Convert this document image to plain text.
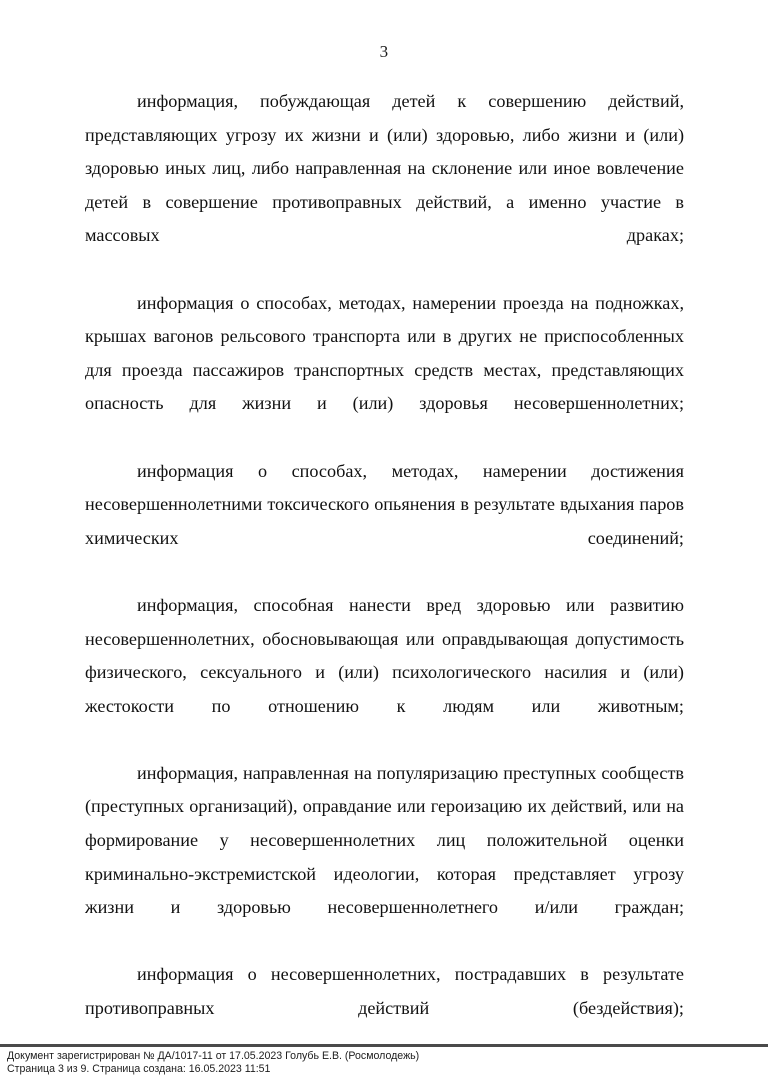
3

информация, побуждающая детей к совершению действий, представляющих угрозу их жизни и (или) здоровью, либо жизни и (или) здоровью иных лиц, либо направленная на склонение или иное вовлечение детей в совершение противоправных действий, а именно участие в массовых драках;

информация о способах, методах, намерении проезда на подножках, крышах вагонов рельсового транспорта или в других не приспособленных для проезда пассажиров транспортных средств местах, представляющих опасность для жизни и (или) здоровья несовершеннолетних;

информация о способах, методах, намерении достижения несовершеннолетними токсического опьянения в результате вдыхания паров химических соединений;

информация, способная нанести вред здоровью или развитию несовершеннолетних, обосновывающая или оправдывающая допустимость физического, сексуального и (или) психологического насилия и (или) жестокости по отношению к людям или животным;

информация, направленная на популяризацию преступных сообществ (преступных организаций), оправдание или героизацию их действий, или на формирование у несовершеннолетних лиц положительной оценки криминально-экстремистской идеологии, которая представляет угрозу жизни и здоровью несовершеннолетнего и/или граждан;

информация о несовершеннолетних, пострадавших в результате противоправных действий (бездействия);

Документ зарегистрирован № ДА/1017-11 от 17.05.2023 Голубь Е.В. (Росмолодежь)
Страница 3 из 9. Страница создана: 16.05.2023 11:51
